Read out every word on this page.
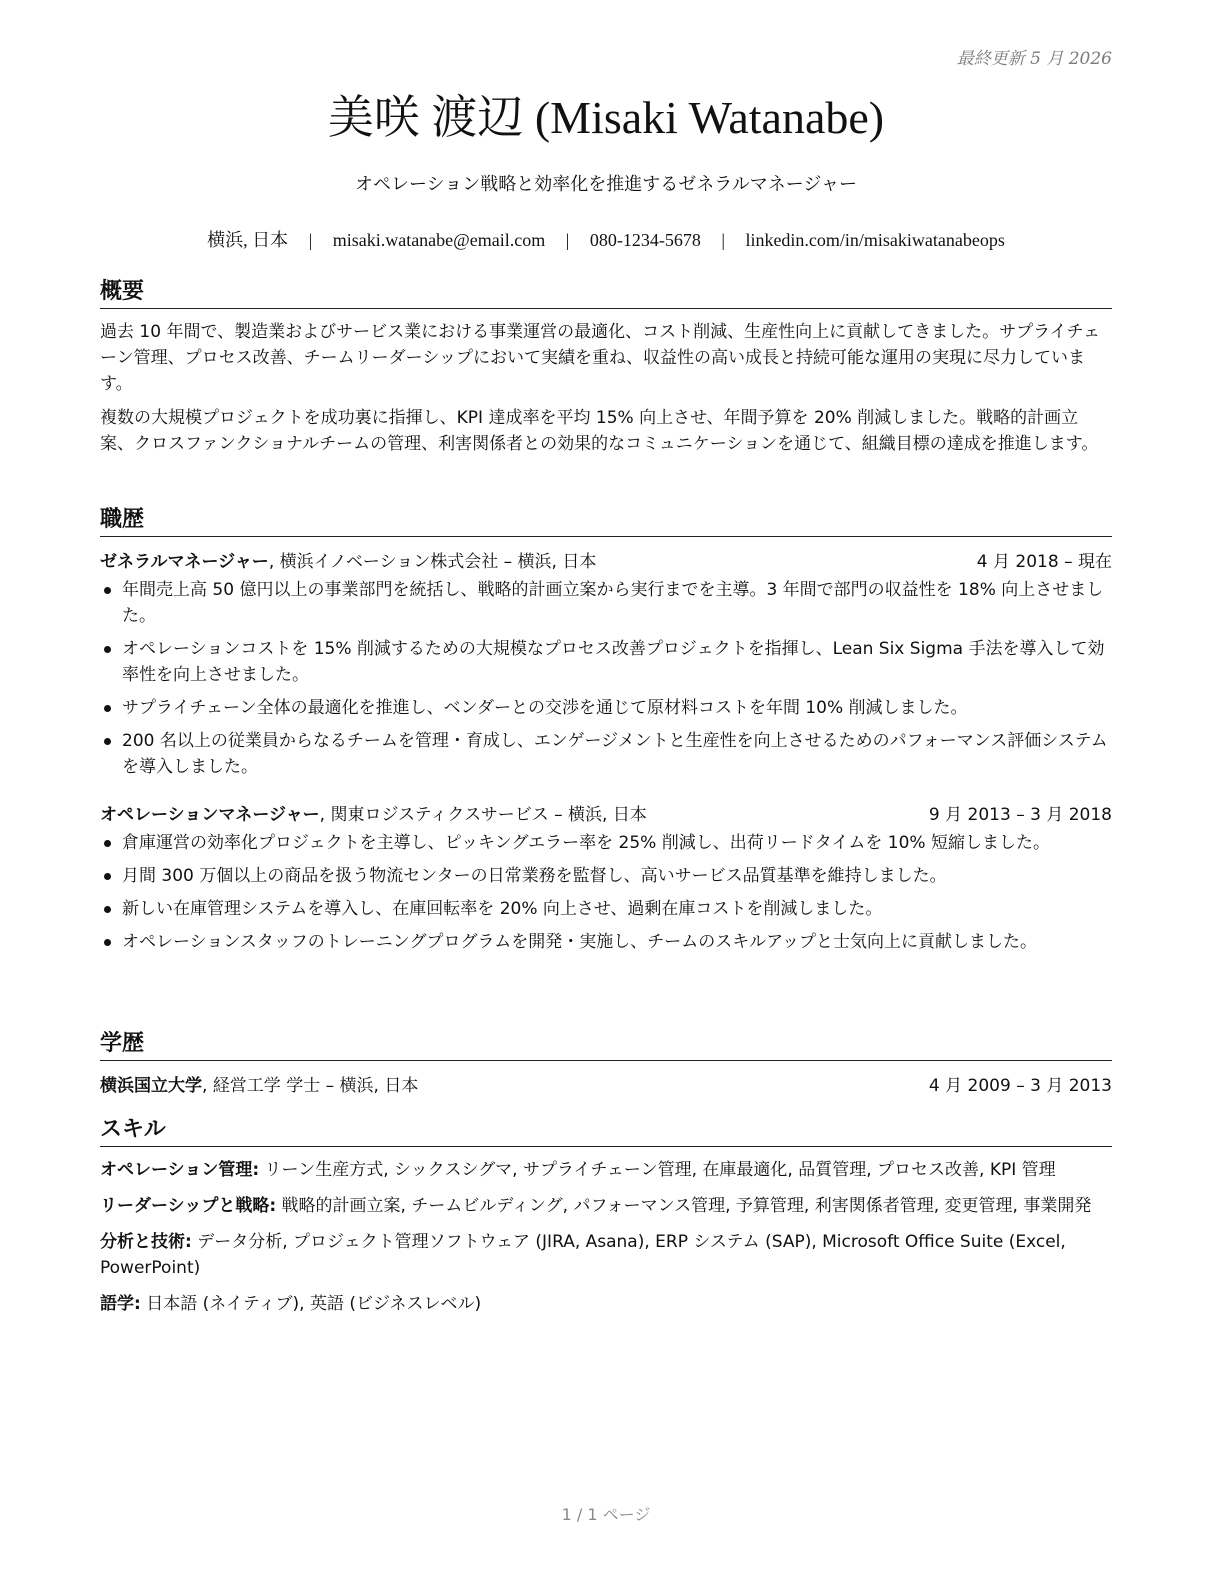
最終更新 5 月 2026
美咲 渡辺 (Misaki Watanabe)
オペレーション戦略と効率化を推進するゼネラルマネージャー
横浜, 日本 | misaki.watanabe@email.com | 080-1234-5678 | linkedin.com/in/misakiwatanabeops
概要

過去 10 年間で、製造業およびサービス業における事業運営の最適化、コスト削減、生産性向上に貢献してきました。サプライチェーン管理、プロセス改善、チームリーダーシップにおいて実績を重ね、収益性の高い成長と持続可能な運用の実現に尽力しています。

複数の大規模プロジェクトを成功裏に指揮し、KPI 達成率を平均 15% 向上させ、年間予算を 20% 削減しました。戦略的計画立案、クロスファンクショナルチームの管理、利害関係者との効果的なコミュニケーションを通じて、組織目標の達成を推進します。

職歴
ゼネラルマネージャー, 横浜イノベーション株式会社 – 横浜, 日本	4 月 2018 – 現在
年間売上高 50 億円以上の事業部門を統括し、戦略的計画立案から実行までを主導。3 年間で部門の収益性を 18% 向上させました。
オペレーションコストを 15% 削減するための大規模なプロセス改善プロジェクトを指揮し、Lean Six Sigma 手法を導入して効率性を向上させました。
サプライチェーン全体の最適化を推進し、ベンダーとの交渉を通じて原材料コストを年間 10% 削減しました。
200 名以上の従業員からなるチームを管理・育成し、エンゲージメントと生産性を向上させるためのパフォーマンス評価システムを導入しました。
オペレーションマネージャー, 関東ロジスティクスサービス – 横浜, 日本	9 月 2013 – 3 月 2018
倉庫運営の効率化プロジェクトを主導し、ピッキングエラー率を 25% 削減し、出荷リードタイムを 10% 短縮しました。
月間 300 万個以上の商品を扱う物流センターの日常業務を監督し、高いサービス品質基準を維持しました。
新しい在庫管理システムを導入し、在庫回転率を 20% 向上させ、過剰在庫コストを削減しました。
オペレーションスタッフのトレーニングプログラムを開発・実施し、チームのスキルアップと士気向上に貢献しました。
学歴
横浜国立大学, 経営工学 学士 – 横浜, 日本	4 月 2009 – 3 月 2013
スキル
オペレーション管理: リーン生産方式, シックスシグマ, サプライチェーン管理, 在庫最適化, 品質管理, プロセス改善, KPI 管理
リーダーシップと戦略: 戦略的計画立案, チームビルディング, パフォーマンス管理, 予算管理, 利害関係者管理, 変更管理, 事業開発
分析と技術: データ分析, プロジェクト管理ソフトウェア (JIRA, Asana), ERP システム (SAP), Microsoft Office Suite (Excel, PowerPoint)
語学: 日本語 (ネイティブ), 英語 (ビジネスレベル)
1 / 1 ページ
